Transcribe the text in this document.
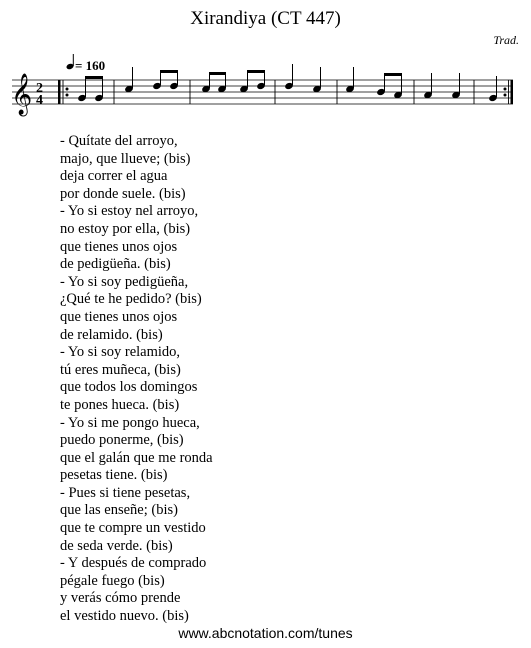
Xirandiya (CT 447)
Trad.
= 160
𝄞 2
4
- Quítate del arroyo,
majo, que llueve; (bis)
deja correr el agua
por donde suele. (bis)
- Yo si estoy nel arroyo,
no estoy por ella, (bis)
que tienes unos ojos
de pedigüeña. (bis)
- Yo si soy pedigüeña,
¿Qué te he pedido? (bis)
que tienes unos ojos
de relamido. (bis)
- Yo si soy relamido,
tú eres muñeca, (bis)
que todos los domingos
te pones hueca. (bis)
- Yo si me pongo hueca,
puedo ponerme, (bis)
que el galán que me ronda
pesetas tiene. (bis)
- Pues si tiene pesetas,
que las enseñe; (bis)
que te compre un vestido
de seda verde. (bis)
- Y después de comprado
pégale fuego (bis)
y verás cómo prende
el vestido nuevo. (bis)
www.abcnotation.com/tunes
